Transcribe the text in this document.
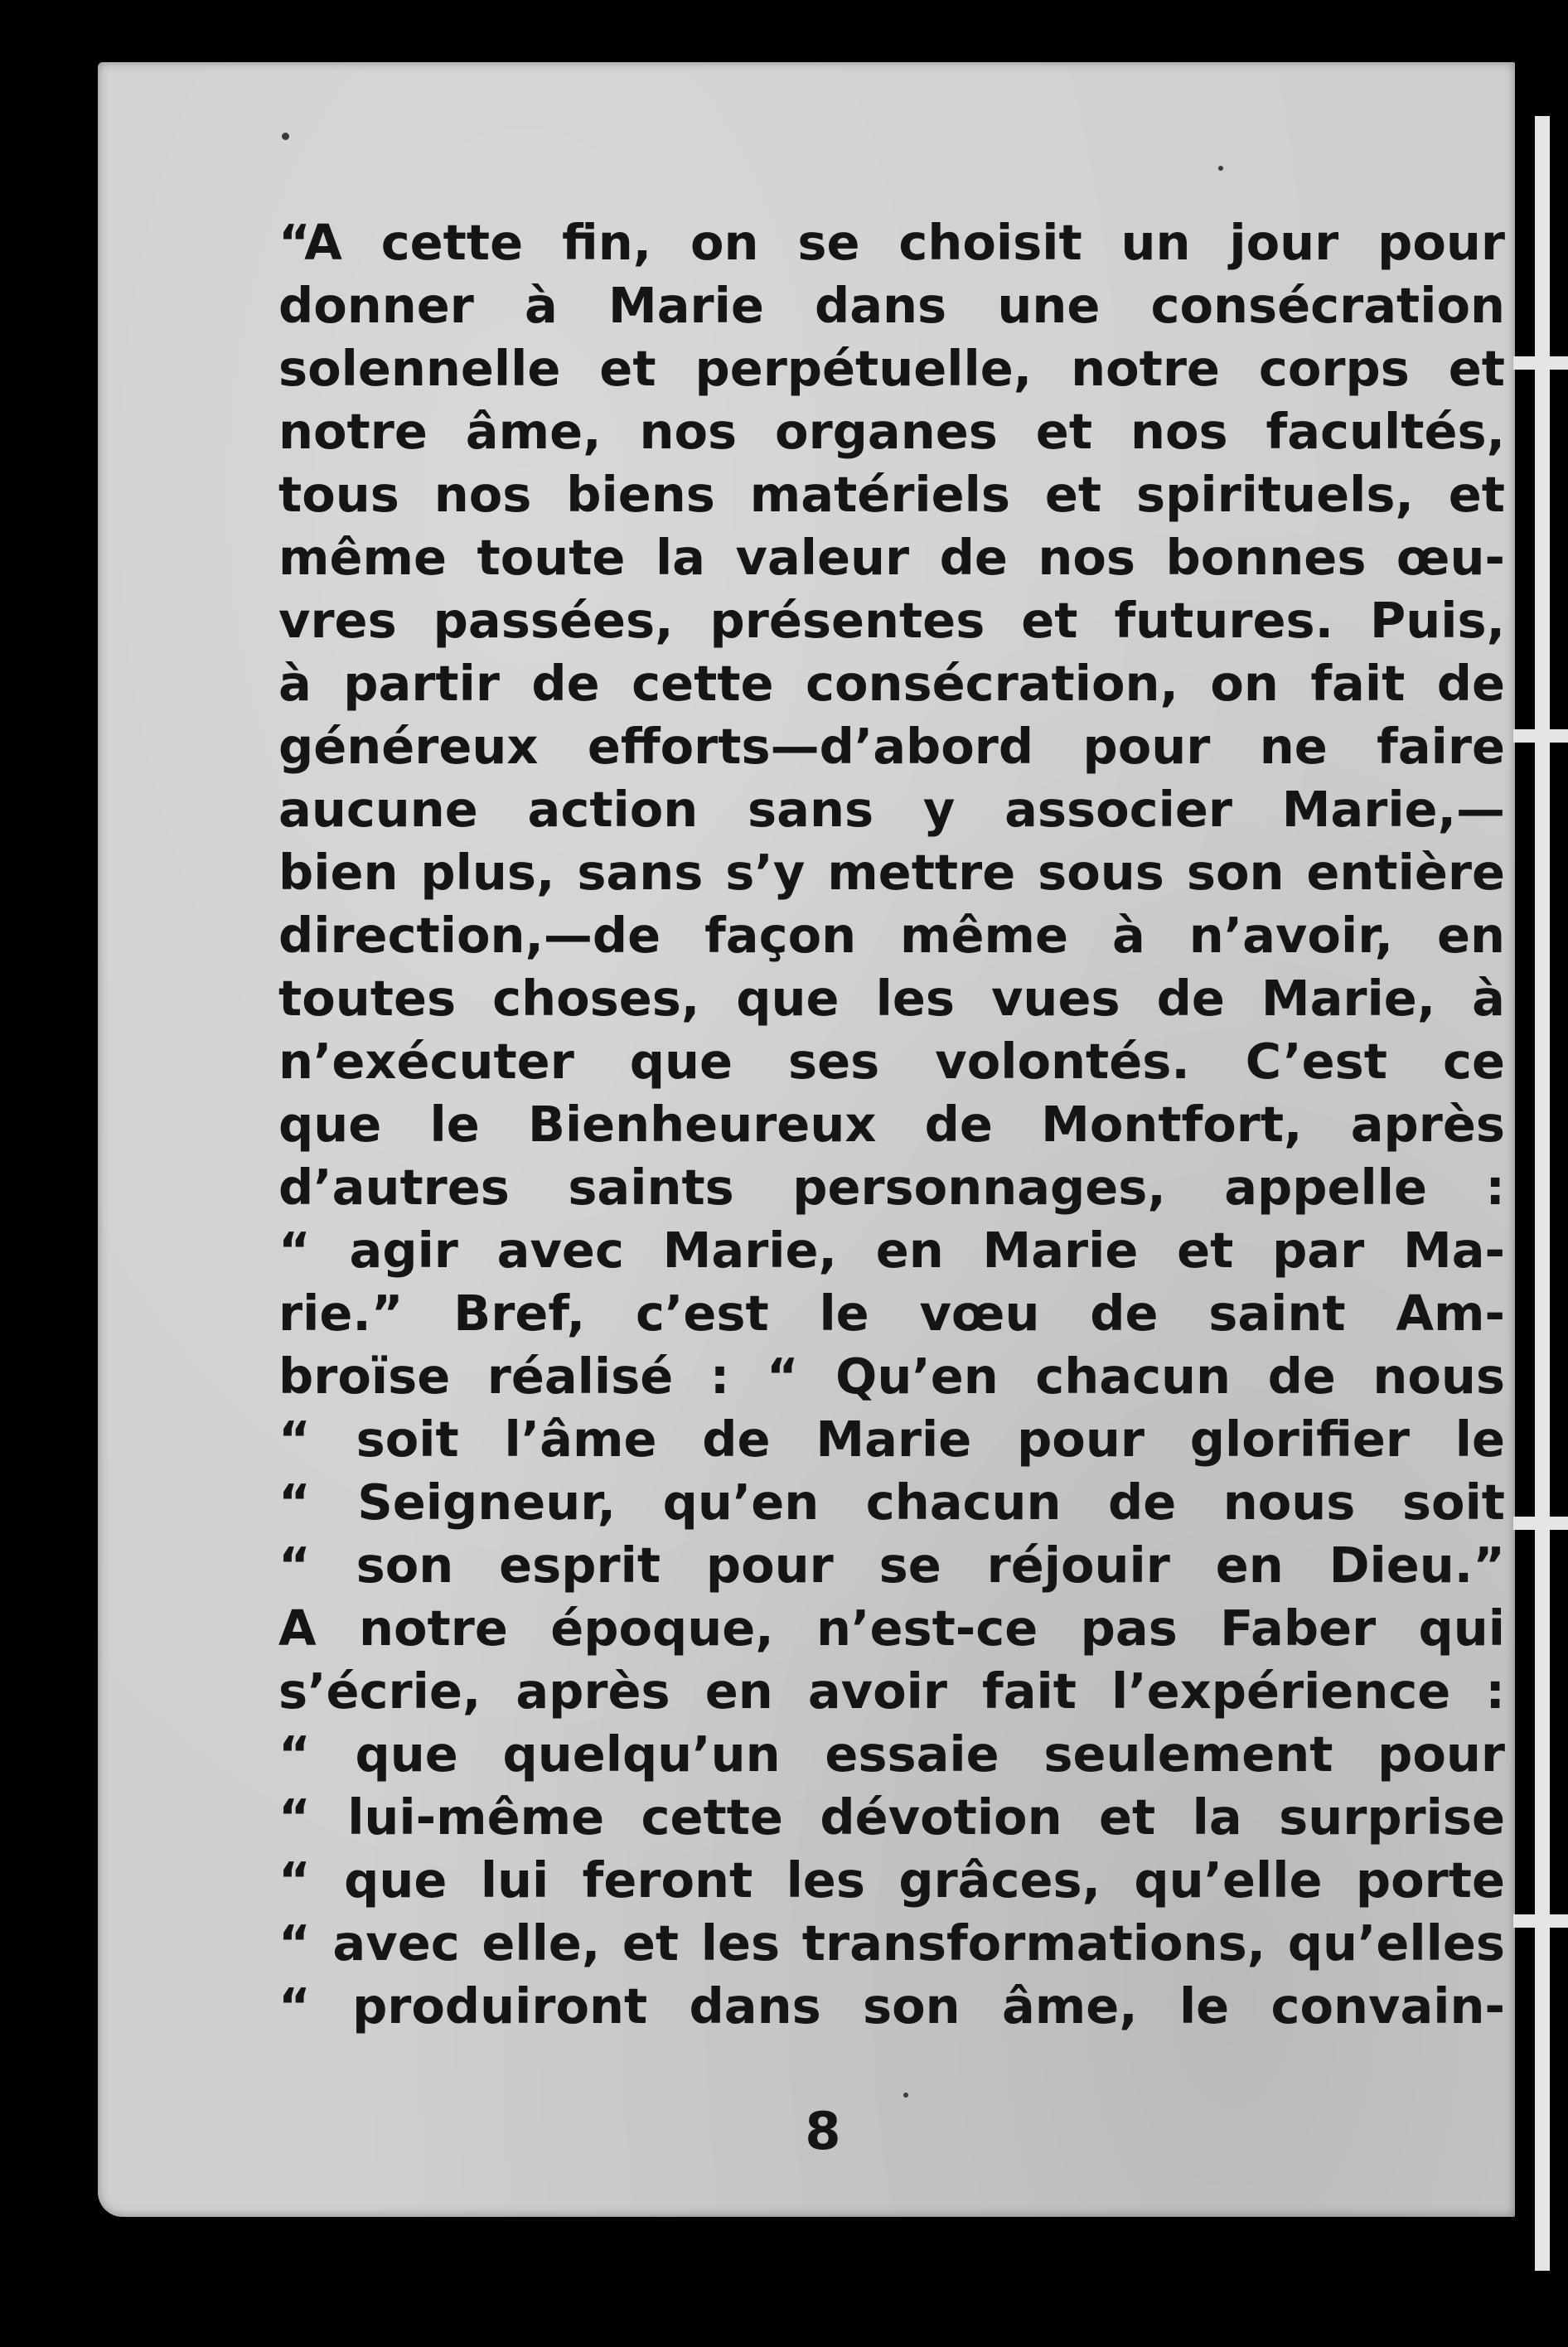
“A cette fin, on se choisit un jour pour
donner à Marie dans une consécration
solennelle et perpétuelle, notre corps et
notre âme, nos organes et nos facultés,
tous nos biens matériels et spirituels, et
même toute la valeur de nos bonnes œu-
vres passées, présentes et futures. Puis,
à partir de cette consécration, on fait de
généreux efforts—d’abord pour ne faire
aucune action sans y associer Marie,—
bien plus, sans s’y mettre sous son entière
direction,—de façon même à n’avoir, en
toutes choses, que les vues de Marie, à
n’exécuter que ses volontés. C’est ce
que le Bienheureux de Montfort, après
d’autres saints personnages, appelle :
“ agir avec Marie, en Marie et par Ma-
rie.” Bref, c’est le vœu de saint Am-
broïse réalisé : “ Qu’en chacun de nous
“ soit l’âme de Marie pour glorifier le
“ Seigneur, qu’en chacun de nous soit
“ son esprit pour se réjouir en Dieu.”
A notre époque, n’est-ce pas Faber qui
s’écrie, après en avoir fait l’expérience :
“ que quelqu’un essaie seulement pour
“ lui-même cette dévotion et la surprise
“ que lui feront les grâces, qu’elle porte
“ avec elle, et les transformations, qu’elles
“ produiront dans son âme, le convain-
8
